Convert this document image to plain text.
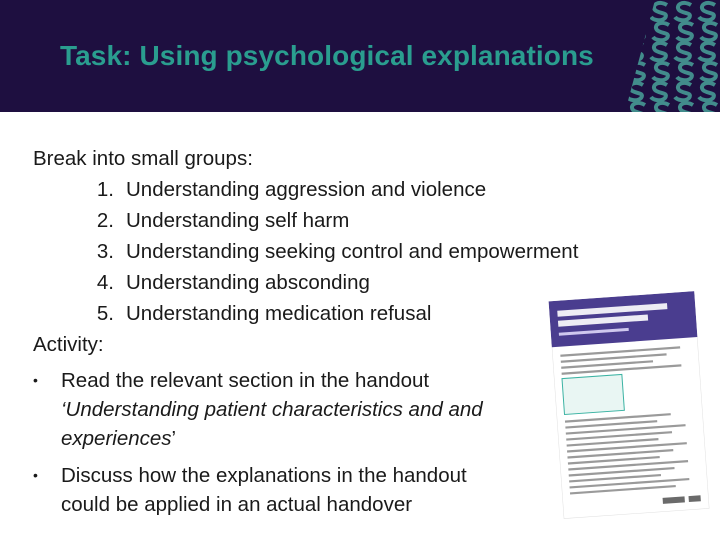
Task: Using psychological explanations

Break into small groups:

1. Understanding aggression and violence
2. Understanding self harm
3. Understanding seeking control and empowerment
4. Understanding absconding
5. Understanding medication refusal

Activity:

•	Read the relevant section in the handout ‘Understanding patient characteristics and and experiences’
•	Discuss how the explanations in the handout could be applied in an actual handover
